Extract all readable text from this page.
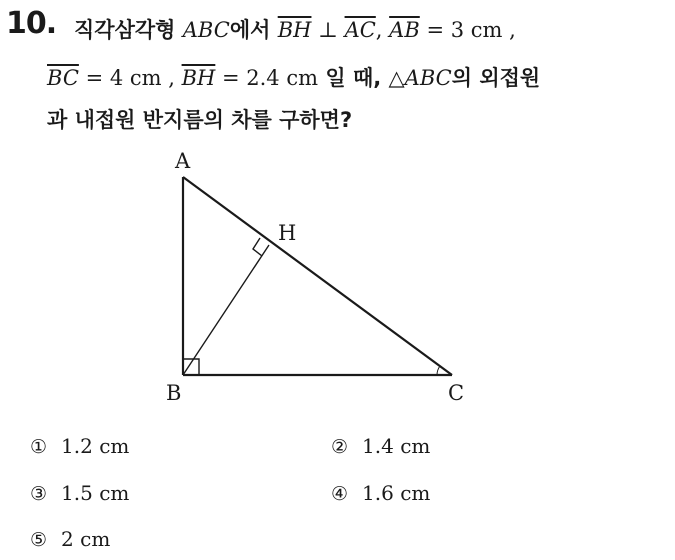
10. 직각삼각형 ABC에서 $\overline{BH}$ ⊥ $\overline{AC}$, $\overline{AB} = 3$ cm ,
$\overline{BC} = 4$ cm , $\overline{BH} = 2.4$ cm 일 때, △ABC의 외접원
과 내접원 반지름의 차를 구하면?
A
B	C
H
① 1.2 cm	② 1.4 cm
③ 1.5 cm	④ 1.6 cm
⑤ 2 cm
